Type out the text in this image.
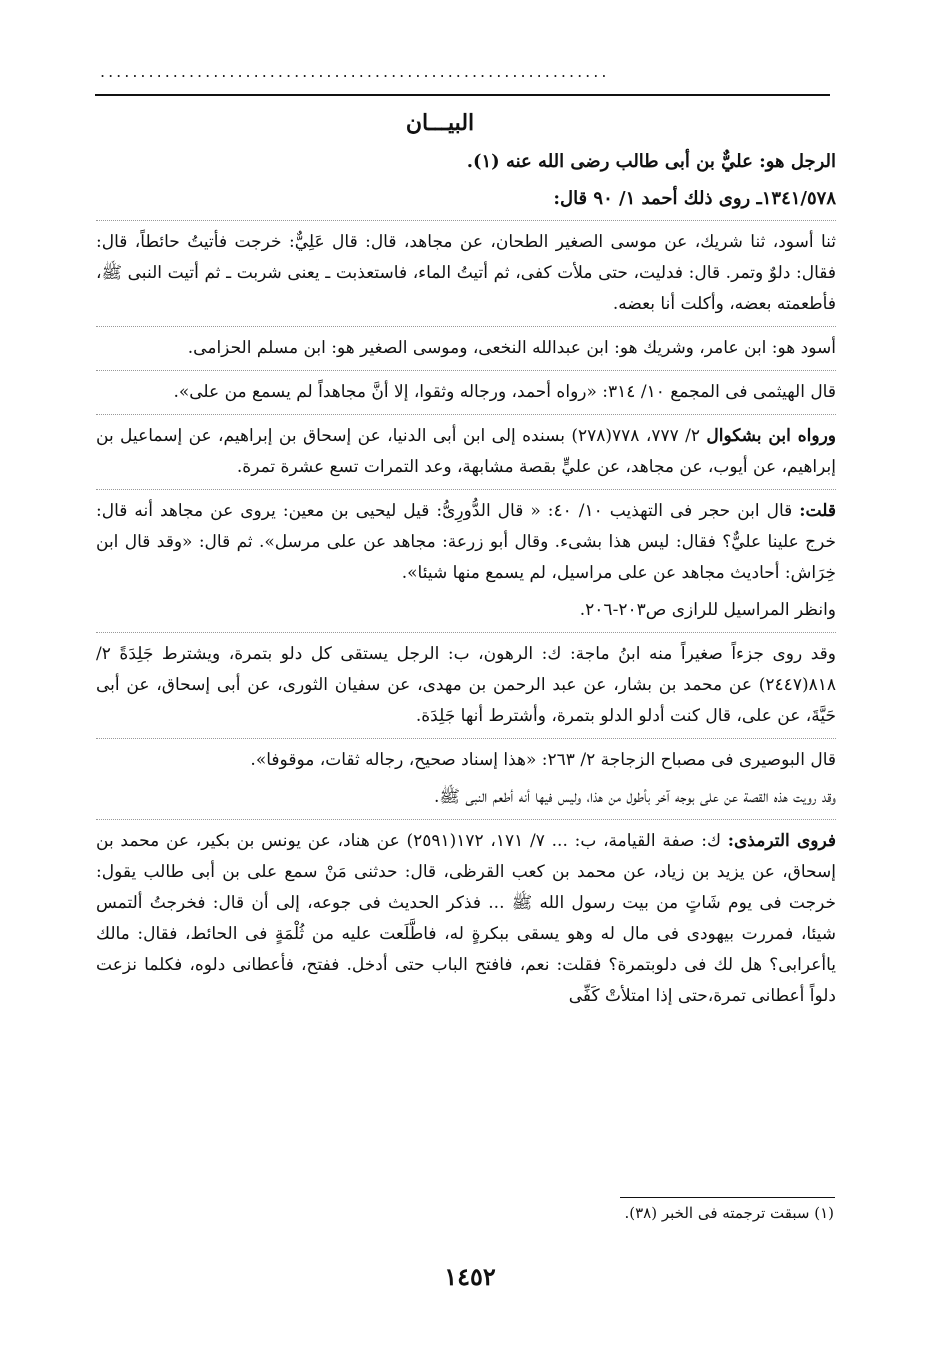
...............................................................
البيـــان

الرجل هو: عليٌّ بن أبى طالب رضى الله عنه (١).

١٣٤١/٥٧٨ـ روى ذلك أحمد ١/ ٩٠ قال:

ثنا أسود، ثنا شريك، عن موسى الصغير الطحان، عن مجاهد، قال: قال عَلِيٌّ: خرجت فأتيتُ حائطاً، قال: فقال: دلوٌ وتمر. قال: فدليت، حتى ملأت كفى، ثم أتيتُ الماء، فاستعذبت ـ يعنى شربت ـ ثم أتيت النبى ﷺ، فأطعمته بعضه، وأكلت أنا بعضه.

أسود هو: ابن عامر، وشريك هو: ابن عبدالله النخعى، وموسى الصغير هو: ابن مسلم الحزامى.

قال الهيثمى فى المجمع ١٠/ ٣١٤: «رواه أحمد، ورجاله وثقوا، إلا أنَّ مجاهداً لم يسمع من على».

ورواه ابن بشكوال ٢/ ٧٧٧، ٧٧٨(٢٧٨) بسنده إلى ابن أبى الدنيا، عن إسحاق بن إبراهيم، عن إسماعيل بن إبراهيم، عن أيوب، عن مجاهد، عن عليٍّ بقصة مشابهة، وعد التمرات تسع عشرة تمرة.

قلت: قال ابن حجر فى التهذيب ١٠/ ٤٠: « قال الدُّورِىُّ: قيل ليحيى بن معين: يروى عن مجاهد أنه قال: خرج علينا عليٌّ؟ فقال: ليس هذا بشىء. وقال أبو زرعة: مجاهد عن على مرسل». ثم قال: «وقد قال ابن خِرَاش: أحاديث مجاهد عن على مراسيل، لم يسمع منها شيئا».

وانظر المراسيل للرازى ص٢٠٣-٢٠٦.

وقد روى جزءاً صغيراً منه ابنُ ماجة: ك: الرهون، ب: الرجل يستقى كل دلو بتمرة، ويشترط جَلِدَةً ٢/ ٨١٨(٢٤٤٧) عن محمد بن بشار، عن عبد الرحمن بن مهدى، عن سفيان الثورى، عن أبى إسحاق، عن أبى حَيَّةَ، عن على، قال كنت أدلو الدلو بتمرة، وأشترط أنها جَلِدَة.

قال البوصيرى فى مصباح الزجاجة ٢/ ٢٦٣: «هذا إسناد صحيح، رجاله ثقات، موقوفا».

وقد رويت هذه القصة عن على بوجه آخر بأطول من هذا، وليس فيها أنه أطعم النبى ﷺ.

فروى الترمذى: ك: صفة القيامة، ب: ... ٧/ ١٧١، ١٧٢(٢٥٩١) عن هناد، عن يونس بن بكير، عن محمد بن إسحاق، عن يزيد بن زياد، عن محمد بن كعب القرظى، قال: حدثنى مَنْ سمع على بن أبى طالب يقول: خرجت فى يوم شَاتٍ من بيت رسول الله ﷺ ... فذكر الحديث فى جوعه، إلى أن قال: فخرجتُ ألتمس شيئا، فمررت بيهودى فى مال له وهو يسقى ببكرةٍ له، فاطَّلَعت عليه من ثُلْمَةٍ فى الحائط، فقال: مالك ياأعرابى؟ هل لك فى دلوبتمرة؟ فقلت: نعم، فافتح الباب حتى أدخل. ففتح، فأعطانى دلوه، فكلما نزعت دلواً أعطانى تمرة،حتى إذا امتلأتْ كَفِّى

(١) سبقت ترجمته فى الخبر (٣٨).
١٤٥٢
